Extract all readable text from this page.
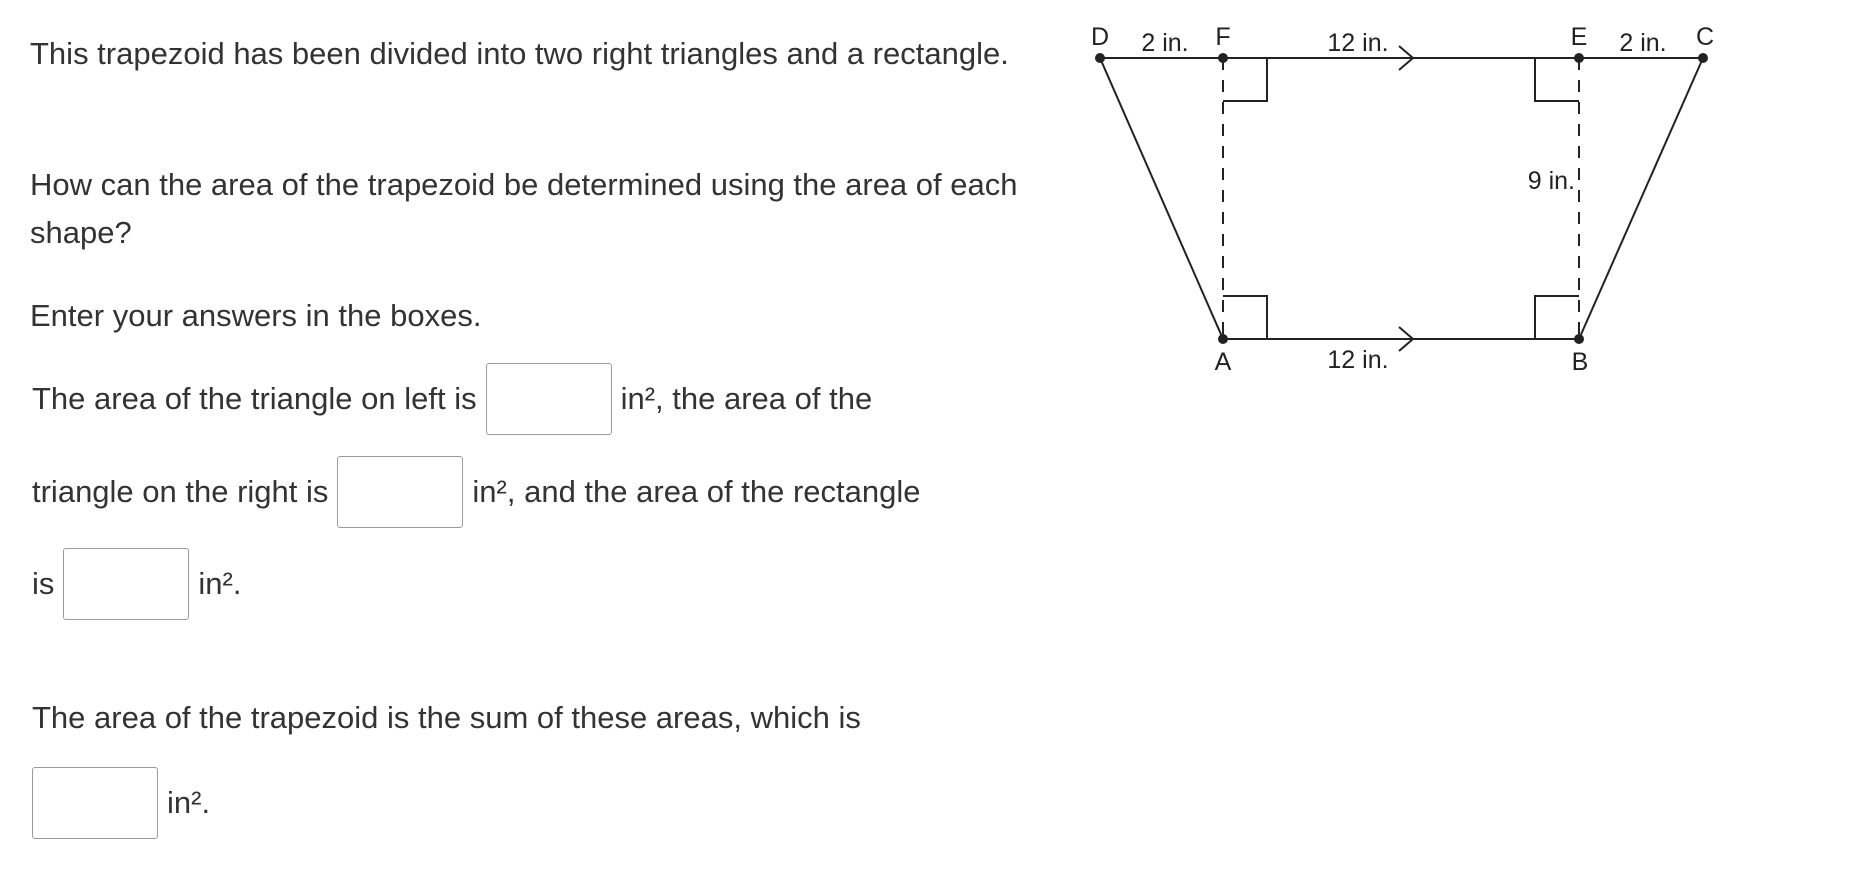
This trapezoid has been divided into two right triangles and a rectangle.

How can the area of the trapezoid be determined using the area of each shape?

Enter your answers in the boxes.

The area of the triangle on left is	in², the area of the
triangle on the right is	in², and the area of the rectangle
is	in².
The area of the trapezoid is the sum of these areas, which is
in².
D	F	E	C
A	B
2 in.	12 in.	2 in.
12 in.
9 in.
